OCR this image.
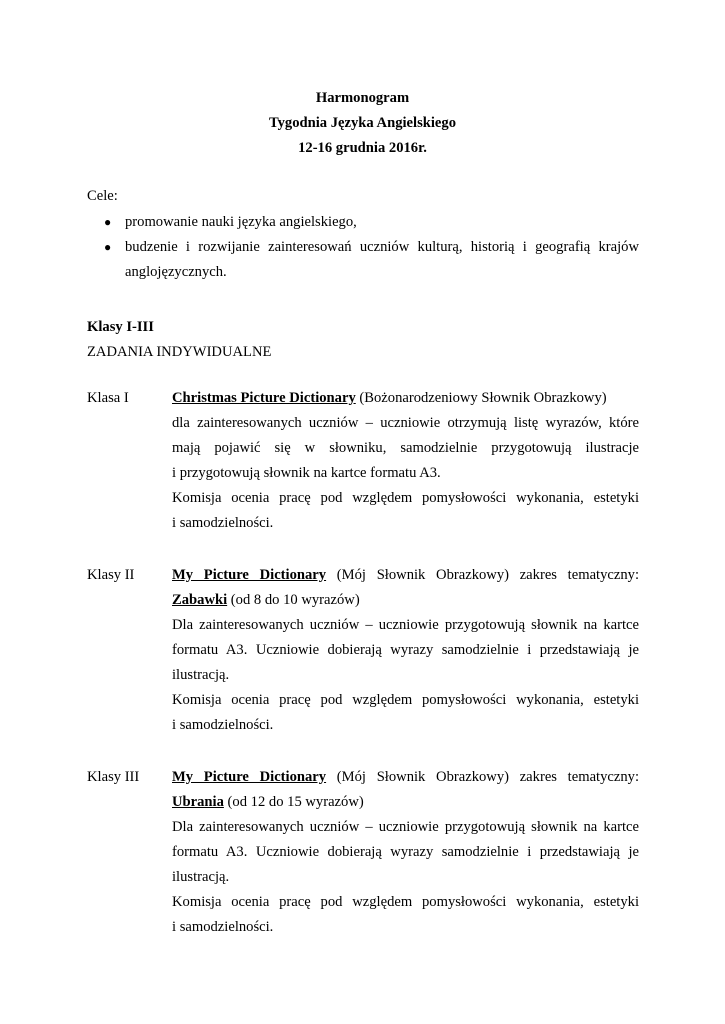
Harmonogram
Tygodnia Języka Angielskiego
12-16 grudnia 2016r.
Cele:
● promowanie nauki języka angielskiego,
● budzenie i rozwijanie zainteresowań uczniów kulturą, historią i geografią krajów
anglojęzycznych.
Klasy I-III
ZADANIA INDYWIDUALNE
Klasa I	Christmas Picture Dictionary (Bożonarodzeniowy Słownik Obrazkowy)
dla zainteresowanych uczniów – uczniowie otrzymują listę wyrazów, które
mają pojawić się w słowniku, samodzielnie przygotowują ilustracje
i przygotowują słownik na kartce formatu A3.
Komisja ocenia pracę pod względem pomysłowości wykonania, estetyki
i samodzielności.
Klasy II	My Picture Dictionary (Mój Słownik Obrazkowy) zakres tematyczny:
Zabawki (od 8 do 10 wyrazów)
Dla zainteresowanych uczniów – uczniowie przygotowują słownik na kartce
formatu A3. Uczniowie dobierają wyrazy samodzielnie i przedstawiają je
ilustracją.
Komisja ocenia pracę pod względem pomysłowości wykonania, estetyki
i samodzielności.
Klasy III	My Picture Dictionary (Mój Słownik Obrazkowy) zakres tematyczny:
Ubrania (od 12 do 15 wyrazów)
Dla zainteresowanych uczniów – uczniowie przygotowują słownik na kartce
formatu A3. Uczniowie dobierają wyrazy samodzielnie i przedstawiają je
ilustracją.
Komisja ocenia pracę pod względem pomysłowości wykonania, estetyki
i samodzielności.
